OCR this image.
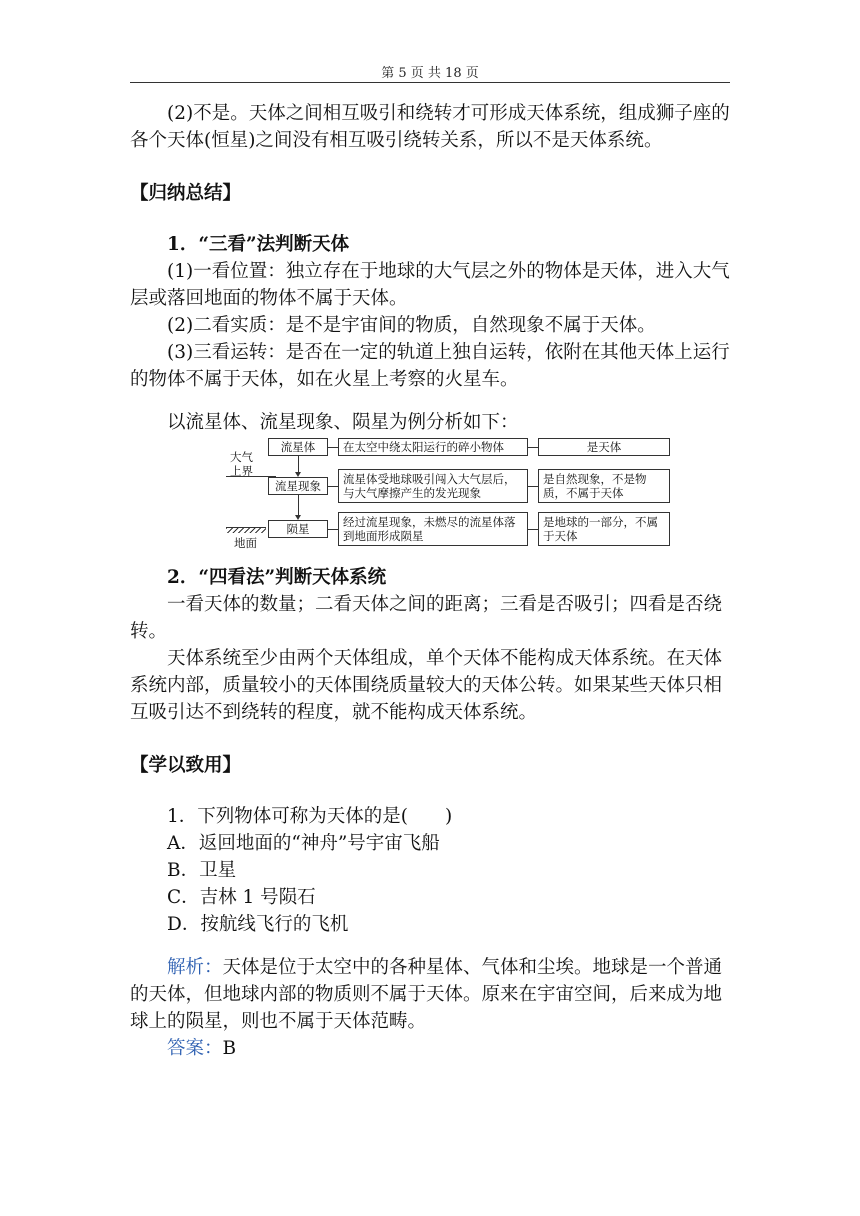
第 5 页 共 18 页

(2)不是。天体之间相互吸引和绕转才可形成天体系统，组成狮子座的各个天体(恒星)之间没有相互吸引绕转关系，所以不是天体系统。

【归纳总结】

1．“三看”法判断天体

(1)一看位置：独立存在于地球的大气层之外的物体是天体，进入大气层或落回地面的物体不属于天体。

(2)二看实质：是不是宇宙间的物质，自然现象不属于天体。

(3)三看运转：是否在一定的轨道上独自运转，依附在其他天体上运行的物体不属于天体，如在火星上考察的火星车。

以流星体、流星现象、陨星为例分析如下：

大气
上界
地面
流星体	在太空中绕太阳运行的碎小物体	是天体
流星现象	流星体受地球吸引闯入大气层后，与大气摩擦产生的发光现象
是自然现象，不是物质，不属于天体
陨星	经过流星现象，未燃尽的流星体落到地面形成陨星
是地球的一部分，不属于天体

2．“四看法”判断天体系统

一看天体的数量；二看天体之间的距离；三看是否吸引；四看是否绕转。

天体系统至少由两个天体组成，单个天体不能构成天体系统。在天体系统内部，质量较小的天体围绕质量较大的天体公转。如果某些天体只相互吸引达不到绕转的程度，就不能构成天体系统。

【学以致用】

1．下列物体可称为天体的是(　　)

A．返回地面的“神舟”号宇宙飞船

B．卫星

C．吉林 1 号陨石

D．按航线飞行的飞机

解析：天体是位于太空中的各种星体、气体和尘埃。地球是一个普通的天体，但地球内部的物质则不属于天体。原来在宇宙空间，后来成为地球上的陨星，则也不属于天体范畴。

答案：B
